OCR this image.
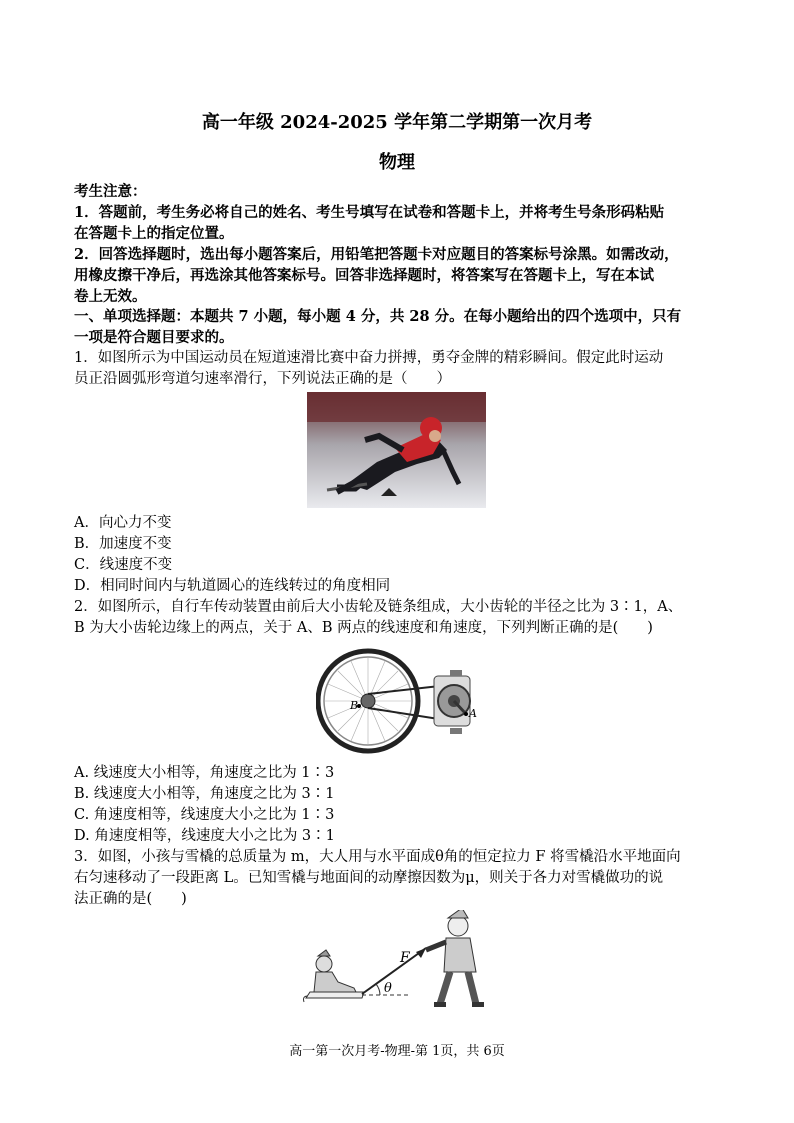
高一年级 2024-2025 学年第二学期第一次月考
物理
考生注意：
1．答题前，考生务必将自己的姓名、考生号填写在试卷和答题卡上，并将考生号条形码粘贴
在答题卡上的指定位置。
2．回答选择题时，选出每小题答案后，用铅笔把答题卡对应题目的答案标号涂黑。如需改动，
用橡皮擦干净后，再选涂其他答案标号。回答非选择题时，将答案写在答题卡上，写在本试
卷上无效。
一、单项选择题：本题共 7 小题，每小题 4 分，共 28 分。在每小题给出的四个选项中，只有
一项是符合题目要求的。
1．如图所示为中国运动员在短道速滑比赛中奋力拼搏，勇夺金牌的精彩瞬间。假定此时运动
员正沿圆弧形弯道匀速率滑行，下列说法正确的是（　　）
A．向心力不变
B．加速度不变
C．线速度不变
D．相同时间内与轨道圆心的连线转过的角度相同
2．如图所示，自行车传动装置由前后大小齿轮及链条组成，大小齿轮的半径之比为 3∶1，A、
B 为大小齿轮边缘上的两点，关于 A、B 两点的线速度和角速度，下列判断正确的是(　　)
B
A
A. 线速度大小相等，角速度之比为 1∶3
B. 线速度大小相等，角速度之比为 3∶1
C. 角速度相等，线速度大小之比为 1∶3
D. 角速度相等，线速度大小之比为 3∶1
3．如图，小孩与雪橇的总质量为 m，大人用与水平面成θ角的恒定拉力 F 将雪橇沿水平地面向
右匀速移动了一段距离 L。已知雪橇与地面间的动摩擦因数为μ，则关于各力对雪橇做功的说
法正确的是(　　)
θ
F
高一第一次月考-物理-第 1页，共 6页
